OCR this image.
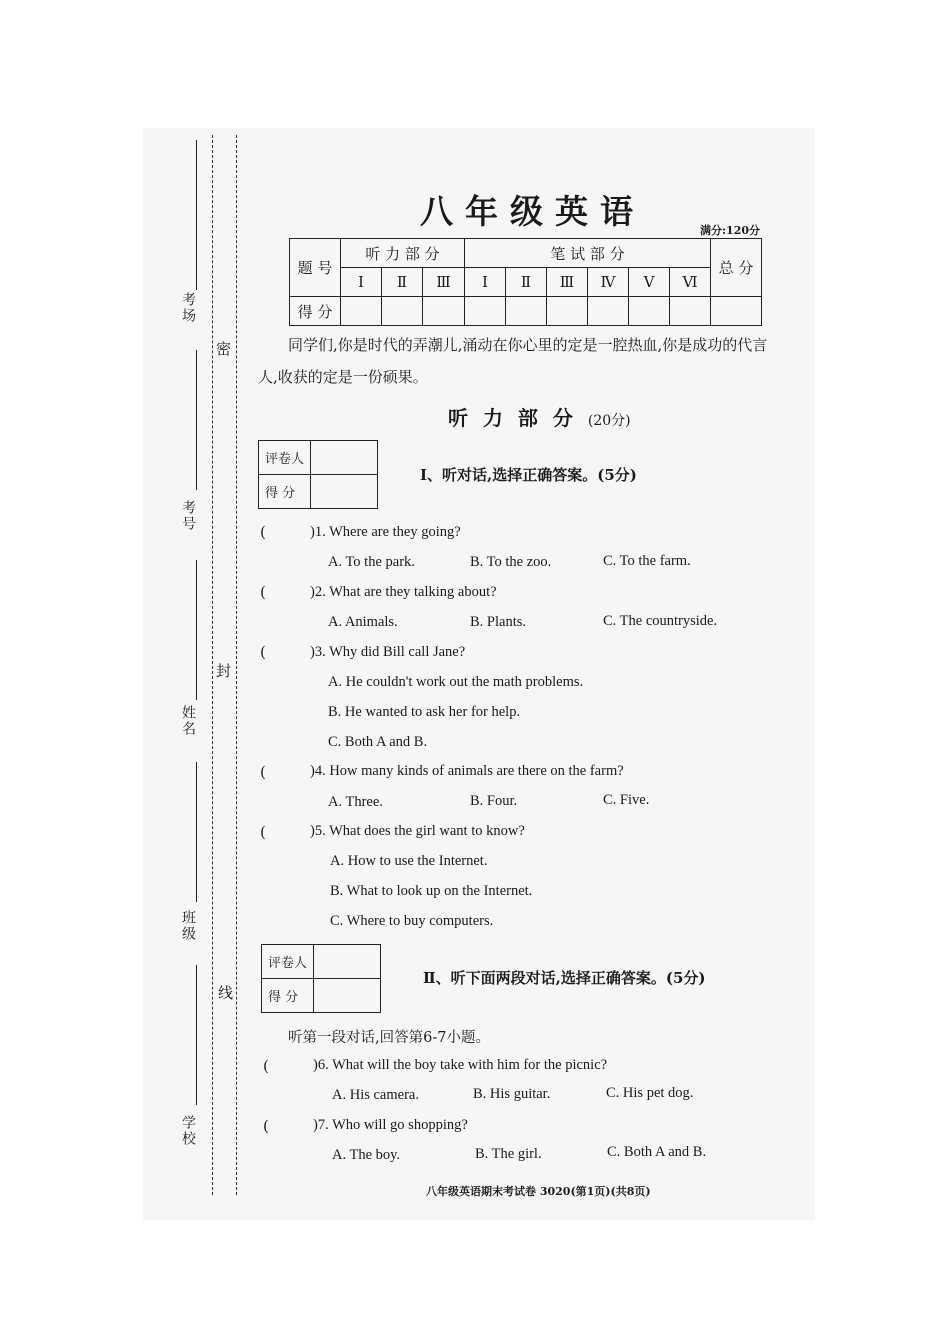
考场
考号
姓名
班级
学校
密
封
线
八年级英语	满分:120分
题 号	听 力 部 分			笔 试 部 分						总 分
	Ⅰ	Ⅱ	Ⅲ	Ⅰ	Ⅱ	Ⅲ	Ⅳ	Ⅴ	Ⅵ	
得 分										
同学们,你是时代的弄潮儿,涌动在你心里的定是一腔热血,你是成功的代言
人,收获的定是一份硕果。
听 力 部 分 (20分)
评卷人	
得 分	
Ⅰ、听对话,选择正确答案。(5分)
(	)1. Where are they going?
A. To the park.	B. To the zoo.	C. To the farm.
(	)2. What are they talking about?
A. Animals.	B. Plants.	C. The countryside.
(	)3. Why did Bill call Jane?
A. He couldn't work out the math problems.
B. He wanted to ask her for help.
C. Both A and B.
(	)4. How many kinds of animals are there on the farm?
A. Three.	B. Four.	C. Five.
(	)5. What does the girl want to know?
A. How to use the Internet.
B. What to look up on the Internet.
C. Where to buy computers.
评卷人	
得 分	
Ⅱ、听下面两段对话,选择正确答案。(5分)
听第一段对话,回答第6-7小题。
(	)6. What will the boy take with him for the picnic?
A. His camera.	B. His guitar.	C. His pet dog.
(	)7. Who will go shopping?
A. The boy.	B. The girl.	C. Both A and B.
八年级英语期末考试卷 3020(第1页)(共8页)
